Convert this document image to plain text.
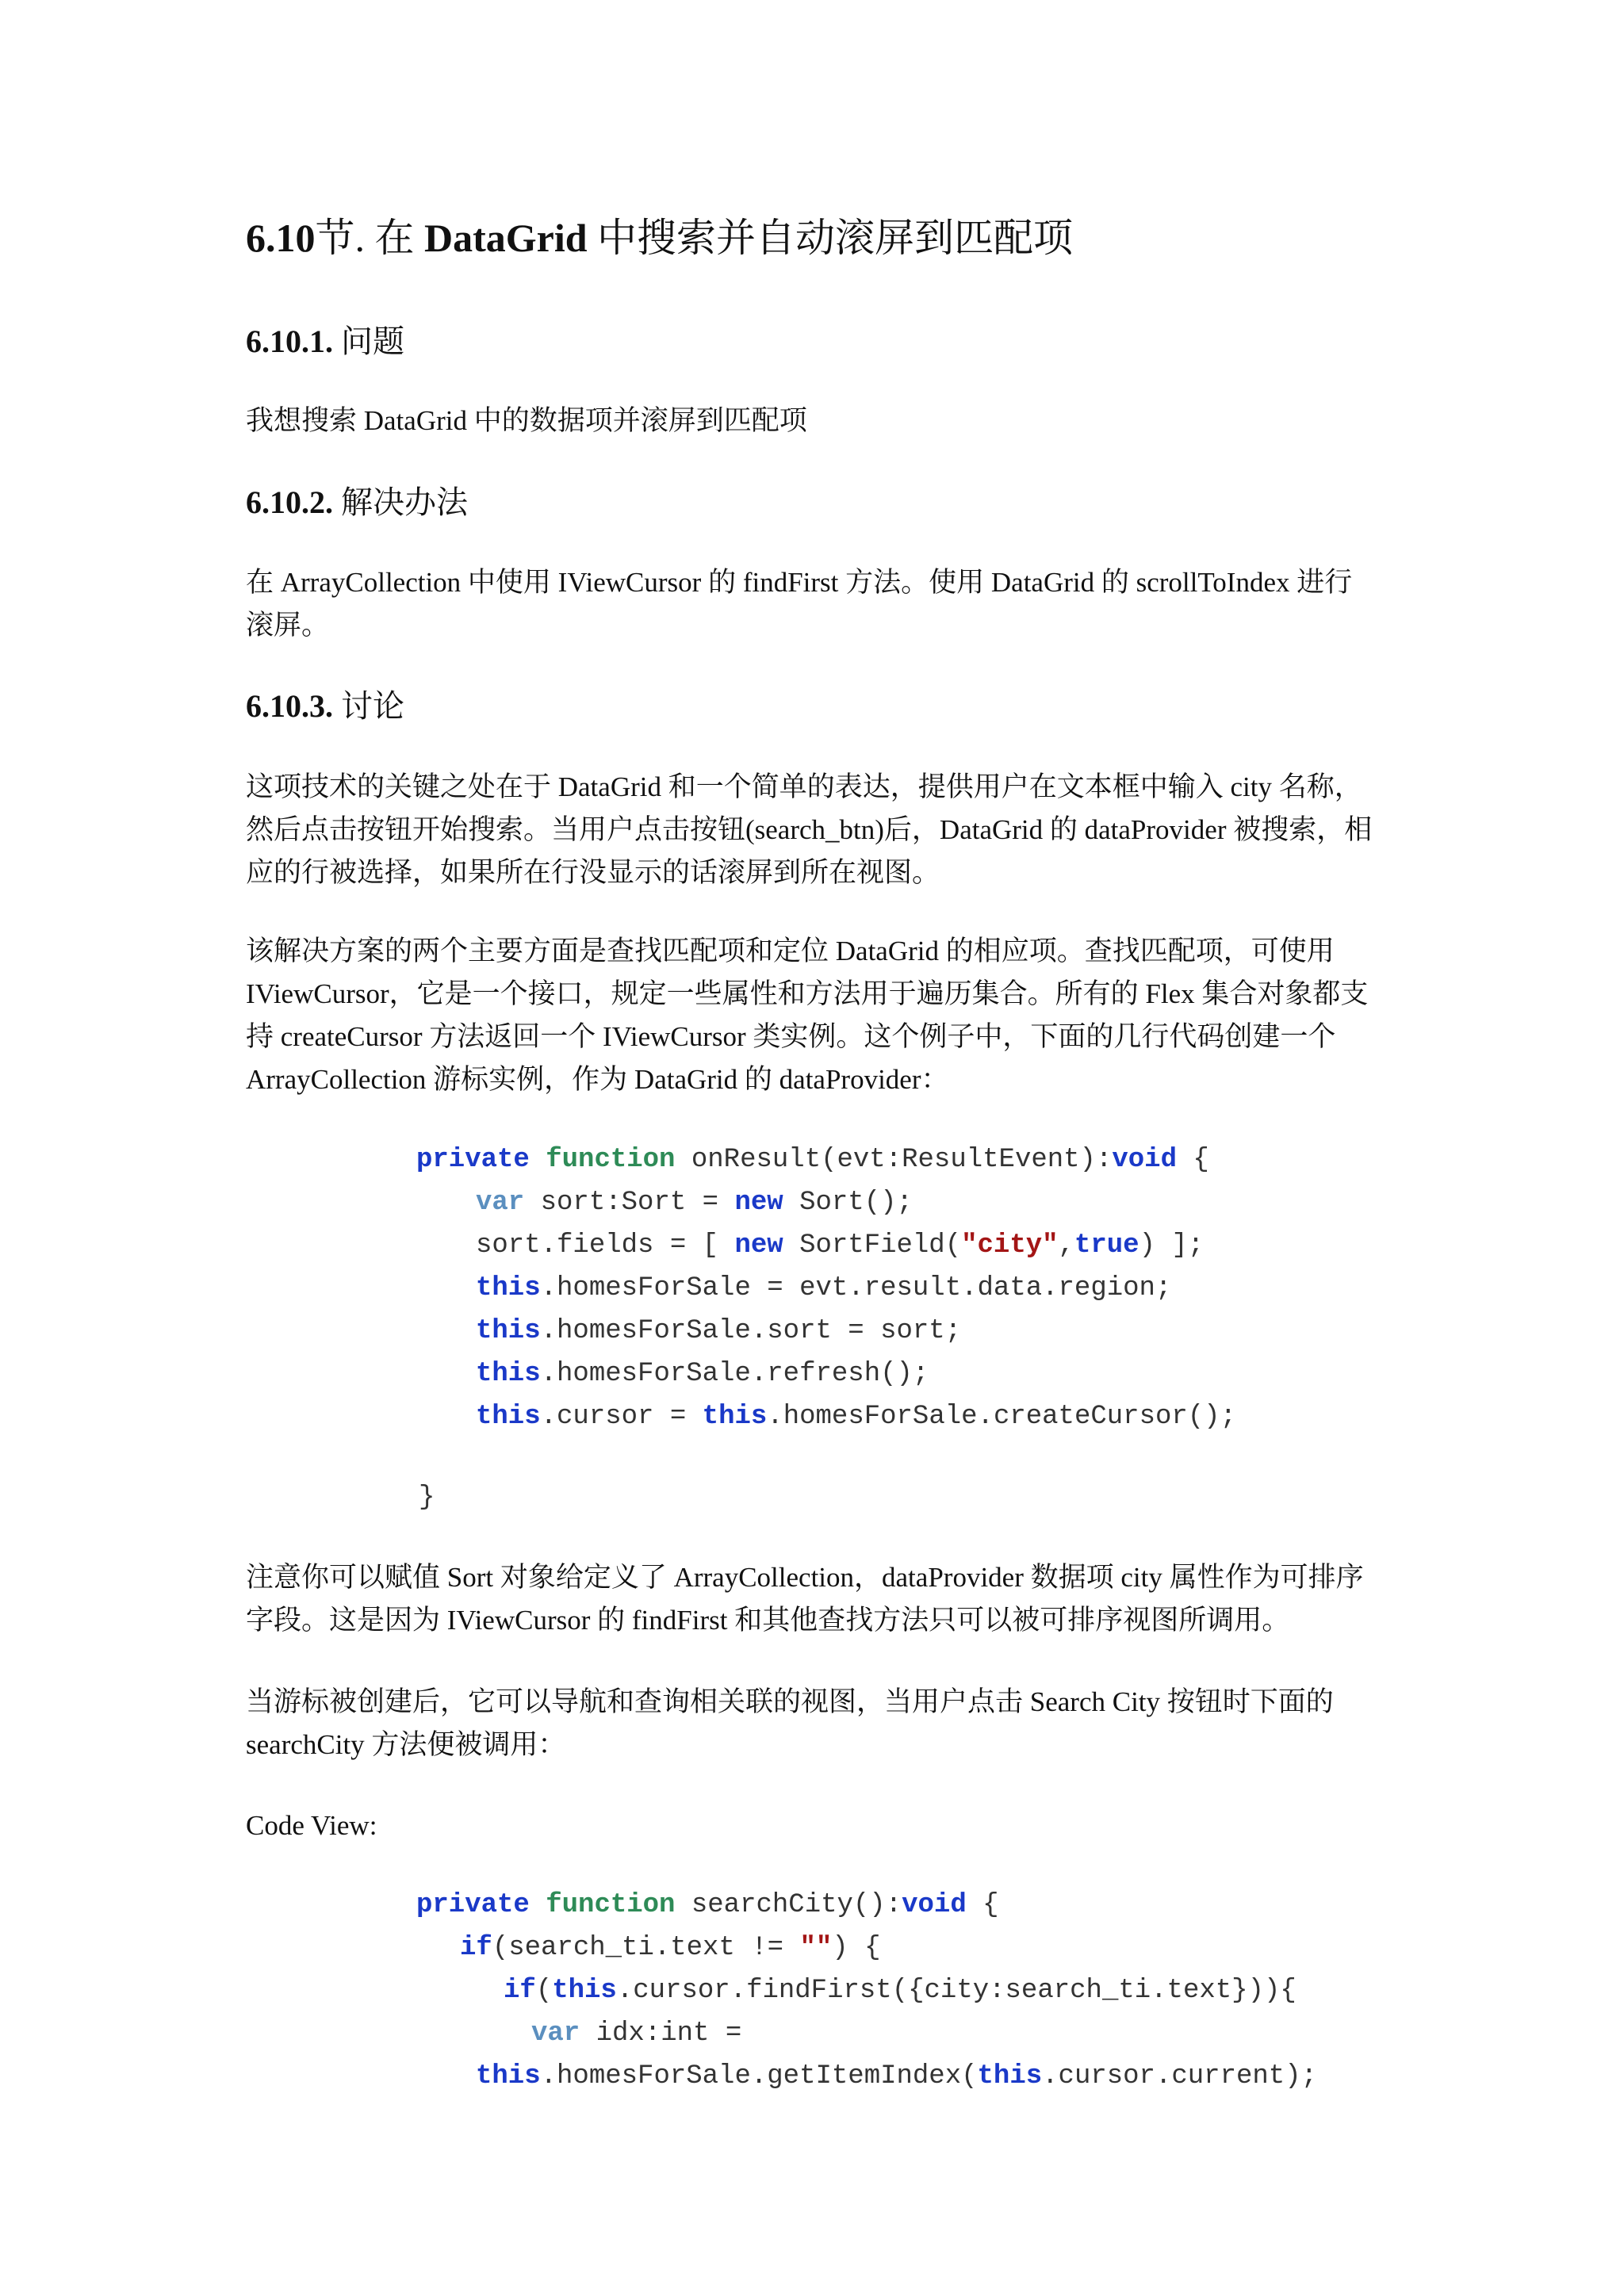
6.10节. 在 DataGrid 中搜索并自动滚屏到匹配项
6.10.1. 问题
我想搜索 DataGrid 中的数据项并滚屏到匹配项
6.10.2. 解决办法
在 ArrayCollection 中使用 IViewCursor 的 findFirst 方法。使用 DataGrid 的 scrollToIndex 进行滚屏。
6.10.3. 讨论
这项技术的关键之处在于 DataGrid 和一个简单的表达，提供用户在文本框中输入 city 名称，然后点击按钮开始搜索。当用户点击按钮(search_btn)后，DataGrid 的 dataProvider 被搜索，相应的行被选择，如果所在行没显示的话滚屏到所在视图。
该解决方案的两个主要方面是查找匹配项和定位 DataGrid 的相应项。查找匹配项，可使用 IViewCursor，它是一个接口，规定一些属性和方法用于遍历集合。所有的 Flex 集合对象都支持 createCursor 方法返回一个 IViewCursor 类实例。这个例子中，下面的几行代码创建一个 ArrayCollection 游标实例，作为 DataGrid 的 dataProvider：
private function onResult(evt:ResultEvent):void {
var sort:Sort = new Sort();
sort.fields = [ new SortField("city",true) ];
this.homesForSale = evt.result.data.region;
this.homesForSale.sort = sort;
this.homesForSale.refresh();
this.cursor = this.homesForSale.createCursor();
}
注意你可以赋值 Sort 对象给定义了 ArrayCollection，dataProvider 数据项 city 属性作为可排序字段。这是因为 IViewCursor 的 findFirst 和其他查找方法只可以被可排序视图所调用。
当游标被创建后，它可以导航和查询相关联的视图，当用户点击 Search City 按钮时下面的 searchCity 方法便被调用：
Code View:
private function searchCity():void {
if(search_ti.text != "") {
if(this.cursor.findFirst({city:search_ti.text})){
var idx:int =
this.homesForSale.getItemIndex(this.cursor.current);
